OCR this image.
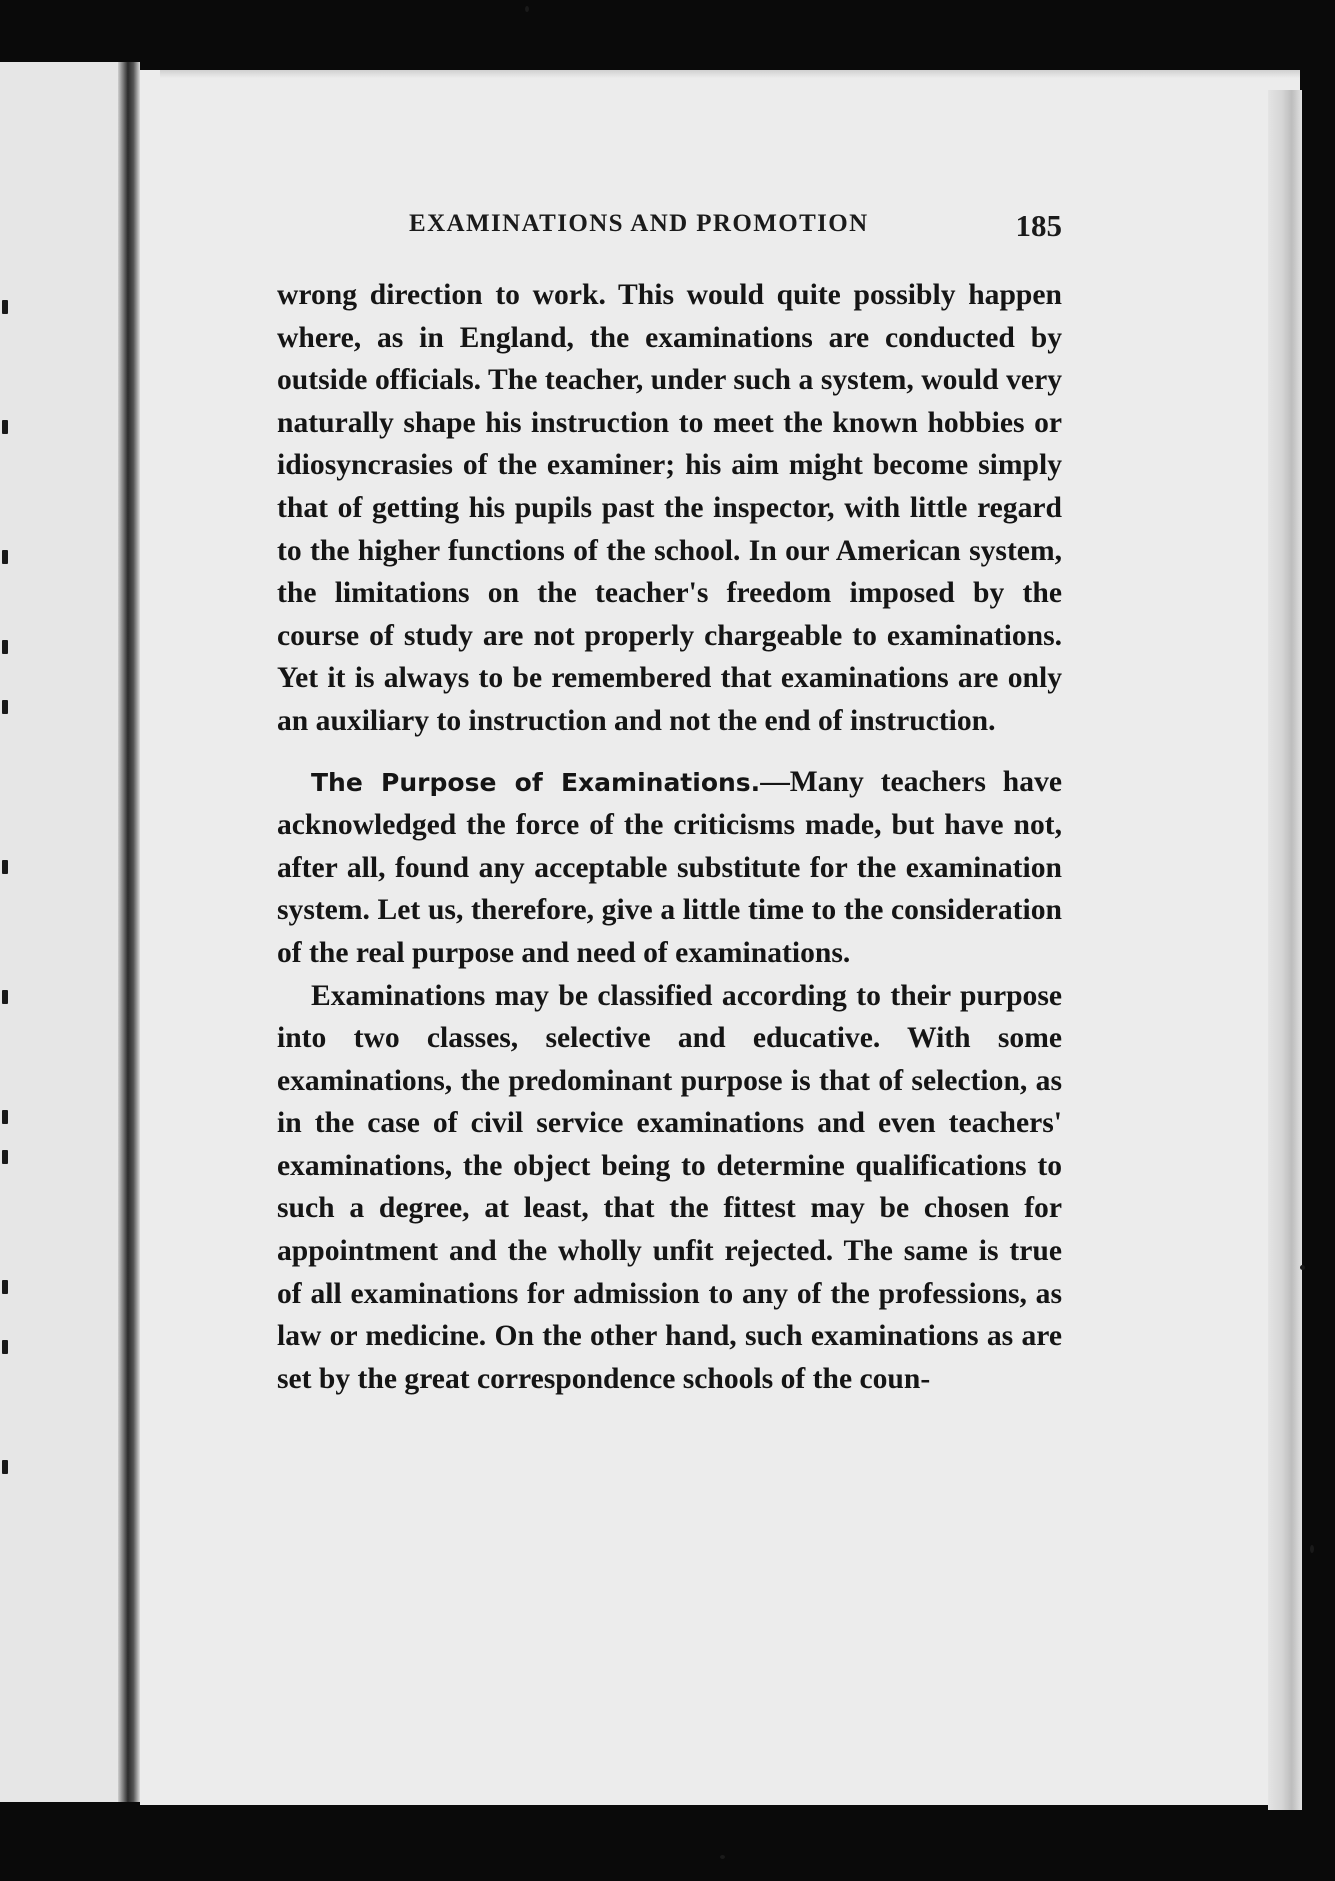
EXAMINATIONS AND PROMOTION	185

wrong direction to work. This would quite possibly happen where, as in England, the examinations are conducted by outside officials. The teacher, under such a system, would very naturally shape his instruction to meet the known hobbies or idiosyncrasies of the examiner; his aim might become simply that of getting his pupils past the inspector, with little regard to the higher functions of the school. In our American system, the limitations on the teacher's freedom imposed by the course of study are not properly chargeable to examinations. Yet it is always to be remembered that examinations are only an auxiliary to instruction and not the end of instruction.

The Purpose of Examinations.—Many teachers have acknowledged the force of the criticisms made, but have not, after all, found any acceptable substitute for the examination system. Let us, therefore, give a little time to the consideration of the real purpose and need of examinations.

Examinations may be classified according to their purpose into two classes, selective and educative. With some examinations, the predominant purpose is that of selection, as in the case of civil service examinations and even teachers' examinations, the object being to determine qualifications to such a degree, at least, that the fittest may be chosen for appointment and the wholly unfit rejected. The same is true of all examinations for admission to any of the professions, as law or medicine. On the other hand, such examinations as are set by the great correspondence schools of the coun-
